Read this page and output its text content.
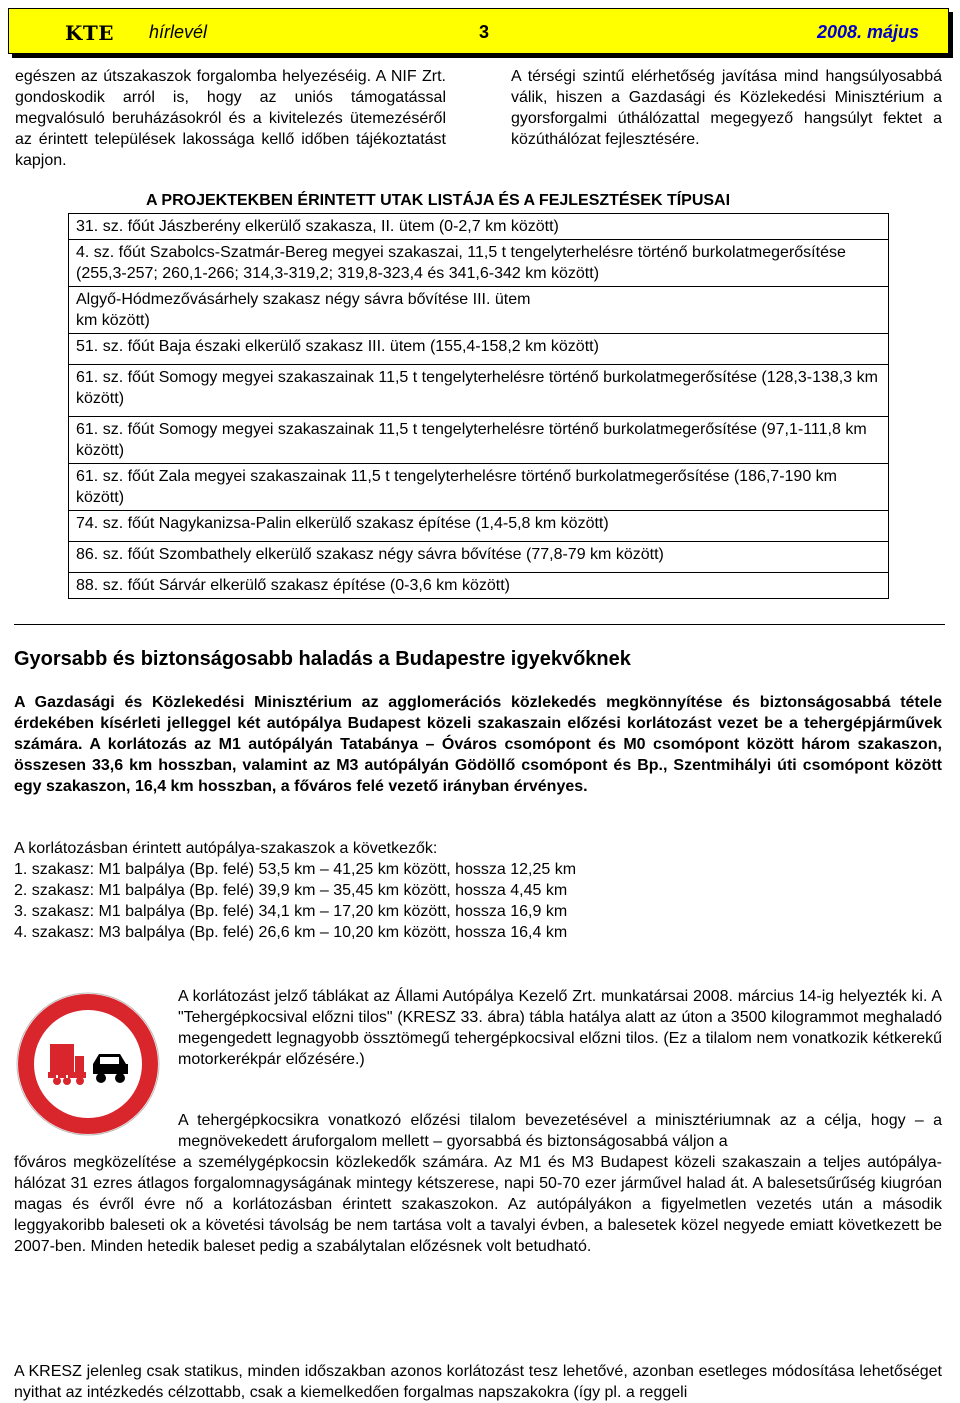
KTE hírlevél	3	2008. május
egészen az útszakaszok forgalomba helyezéséig. A NIF Zrt. gondoskodik arról is, hogy az uniós támogatással megvalósuló beruházásokról és a kivitelezés ütemezéséről az érintett települések lakossága kellő időben tájékoztatást kapjon.
A térségi szintű elérhetőség javítása mind hangsúlyosabbá válik, hiszen a Gazdasági és Közlekedési Minisztérium a gyorsforgalmi úthálózattal megegyező hangsúlyt fektet a közúthálózat fejlesztésére.
A PROJEKTEKBEN ÉRINTETT UTAK LISTÁJA ÉS A FEJLESZTÉSEK TÍPUSAI
31. sz. főút Jászberény elkerülő szakasza, II. ütem (0-2,7 km között)
4. sz. főút Szabolcs-Szatmár-Bereg megyei szakaszai, 11,5 t tengelyterhelésre történő burkolatmegerősítése
(255,3-257; 260,1-266; 314,3-319,2; 319,8-323,4 és 341,6-342 km között)
Algyő-Hódmezővásárhely szakasz négy sávra bővítése III. ütem
km között)
51. sz. főút Baja északi elkerülő szakasz III. ütem (155,4-158,2 km között)
61. sz. főút Somogy megyei szakaszainak 11,5 t tengelyterhelésre történő burkolatmegerősítése (128,3-138,3 km között)
61. sz. főút Somogy megyei szakaszainak 11,5 t tengelyterhelésre történő burkolatmegerősítése (97,1-111,8 km között)
61. sz. főút Zala megyei szakaszainak 11,5 t tengelyterhelésre történő burkolatmegerősítése (186,7-190 km között)
74. sz. főút Nagykanizsa-Palin elkerülő szakasz építése (1,4-5,8 km között)
86. sz. főút Szombathely elkerülő szakasz négy sávra bővítése (77,8-79 km között)
88. sz. főút Sárvár elkerülő szakasz építése (0-3,6 km között)
Gyorsabb és biztonságosabb haladás a Budapestre igyekvőknek
A Gazdasági és Közlekedési Minisztérium az agglomerációs közlekedés megkönnyítése és biztonságosabbá tétele érdekében kísérleti jelleggel két autópálya Budapest közeli szakaszain előzési korlátozást vezet be a tehergépjárművek számára. A korlátozás az M1 autópályán Tatabánya – Óváros csomópont és M0 csomópont között három szakaszon, összesen 33,6 km hosszban, valamint az M3 autópályán Gödöllő csomópont és Bp., Szentmihályi úti csomópont között egy szakaszon, 16,4 km hosszban, a főváros felé vezető irányban érvényes.
A korlátozásban érintett autópálya-szakaszok a következők:
1. szakasz: M1 balpálya (Bp. felé) 53,5 km – 41,25 km között, hossza 12,25 km
2. szakasz: M1 balpálya (Bp. felé) 39,9 km – 35,45 km között, hossza 4,45 km
3. szakasz: M1 balpálya (Bp. felé) 34,1 km – 17,20 km között, hossza 16,9 km
4. szakasz: M3 balpálya (Bp. felé) 26,6 km – 10,20 km között, hossza 16,4 km
A korlátozást jelző táblákat az Állami Autópálya Kezelő Zrt. munkatársai 2008. március 14-ig helyezték ki. A "Tehergépkocsival előzni tilos" (KRESZ 33. ábra) tábla hatálya alatt az úton a 3500 kilogrammot meghaladó megengedett legnagyobb össztömegű tehergépkocsival előzni tilos. (Ez a tilalom nem vonatkozik kétkerekű motorkerékpár előzésére.)
A tehergépkocsikra vonatkozó előzési tilalom bevezetésével a minisztériumnak az a célja, hogy – a megnövekedett áruforgalom mellett – gyorsabbá és biztonságosabbá váljon a
főváros megközelítése a személygépkocsin közlekedők számára. Az M1 és M3 Budapest közeli szakaszain a teljes autópálya-hálózat 31 ezres átlagos forgalomnagyságának mintegy kétszerese, napi 50-70 ezer járművel halad át. A balesetsűrűség kiugróan magas és évről évre nő a korlátozásban érintett szakaszokon. Az autópályákon a figyelmetlen vezetés után a második leggyakoribb baleseti ok a követési távolság be nem tartása volt a tavalyi évben, a balesetek közel negyede emiatt következett be 2007-ben. Minden hetedik baleset pedig a szabálytalan előzésnek volt betudható.
A KRESZ jelenleg csak statikus, minden időszakban azonos korlátozást tesz lehetővé, azonban esetleges módosítása lehetőséget nyithat az intézkedés célzottabb, csak a kiemelkedően forgalmas napszakokra (így pl. a reggeli
